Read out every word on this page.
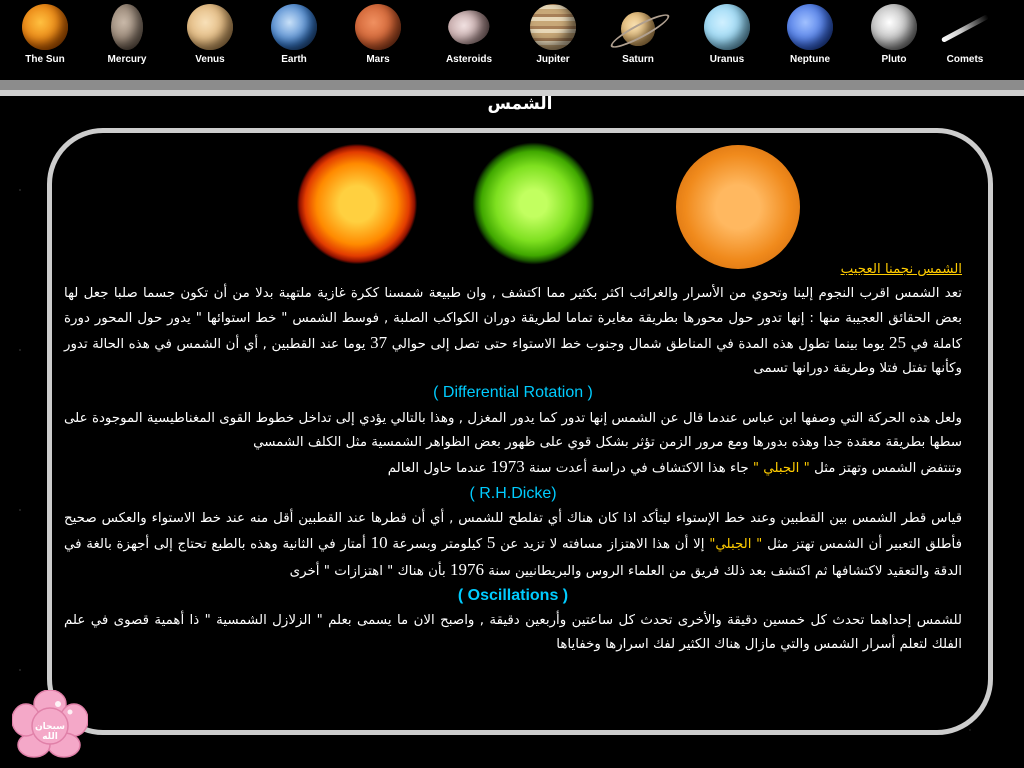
The Sun	Mercury	Venus	Earth	Mars	Asteroids	Jupiter	Saturn	Uranus	Neptune	Pluto	Comets
الشمس

الشمس نجمنا العجيب

تعد الشمس اقرب النجوم إلينا وتحوي من الأسرار والغرائب اكثر بكثير مما اكتشف , وان طبيعة شمسنا ككرة غازية ملتهبة بدلا من أن تكون جسما صلبا جعل لها بعض الحقائق العجيبة منها : إنها تدور حول محورها بطريقة مغايرة تماما لطريقة دوران الكواكب الصلبة , فوسط الشمس " خط استوائها " يدور حول المحور دورة كاملة في 25 يوما بينما تطول هذه المدة في المناطق شمال وجنوب خط الاستواء حتى تصل إلى حوالي 37 يوما عند القطبين , أي أن الشمس في هذه الحالة تدور وكأنها تفتل فتلا وطريقة دورانها تسمى

( Differential Rotation )

ولعل هذه الحركة التي وصفها ابن عباس عندما قال عن الشمس إنها تدور كما يدور المغزل , وهذا بالتالي يؤدي إلى تداخل خطوط القوى المغناطيسية الموجودة على سطها بطريقة معقدة جدا وهذه بدورها ومع مرور الزمن تؤثر بشكل قوي على ظهور بعض الظواهر الشمسية مثل الكلف الشمسي

وتنتفض الشمس وتهتز مثل " الجبلي " جاء هذا الاكتشاف في دراسة أعدت سنة 1973 عندما حاول العالم

( R.H.Dicke)

قياس قطر الشمس بين القطبين وعند خط الإستواء ليتأكد اذا كان هناك أي تفلطح للشمس , أي أن قطرها عند القطبين أقل منه عند خط الاستواء والعكس صحيح فأطلق التعبير أن الشمس تهتز مثل " الجبلي" إلا أن هذا الاهتزاز مسافته لا تزيد عن 5 كيلومتر وبسرعة 10 أمتار في الثانية وهذه بالطبع تحتاج إلى أجهزة بالغة في الدقة والتعقيد لاكتشافها ثم اكتشف بعد ذلك فريق من العلماء الروس والبريطانيين سنة 1976 بأن هناك " اهتزازات " أخرى

( Oscillations )

للشمس إحداهما تحدث كل خمسين دقيقة والأخرى تحدث كل ساعتين وأربعين دقيقة , واصبح الان ما يسمى بعلم " الزلازل الشمسية " ذا أهمية قصوى في علم الفلك لتعلم أسرار الشمس والتي مازال هناك الكثير لفك اسرارها وخفاياها

سبحان الله
